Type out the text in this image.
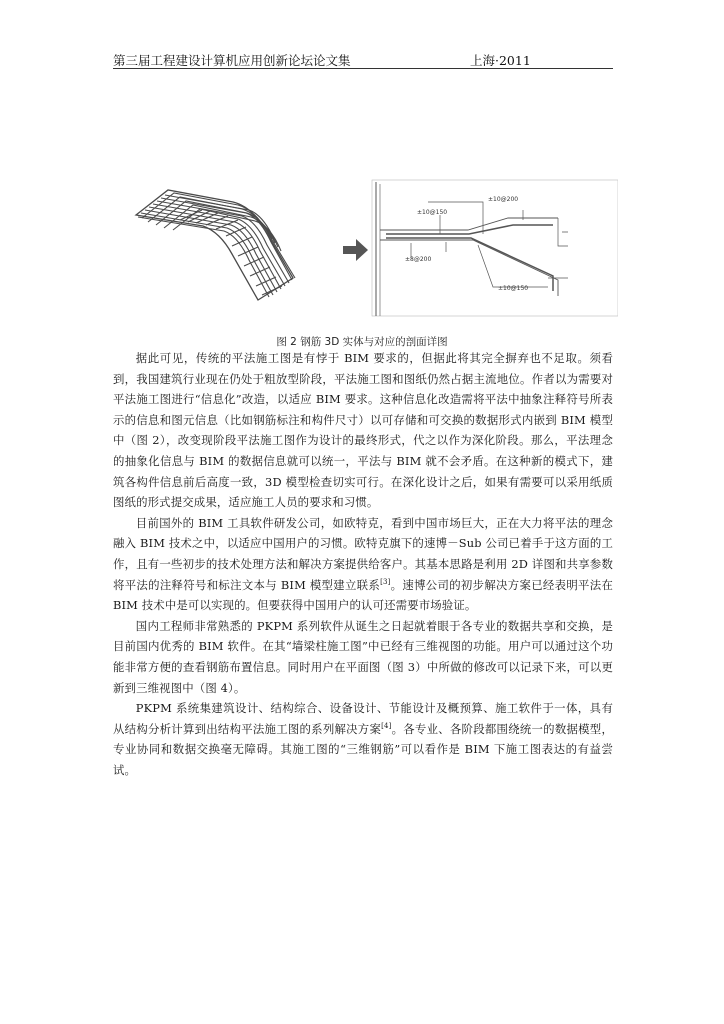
第三届工程建设计算机应用创新论坛论文集	上海·2011
±10@200
±10@150
±8@200
±10@150
图 2 钢筋 3D 实体与对应的剖面详图

据此可见，传统的平法施工图是有悖于 BIM 要求的，但据此将其完全摒弃也不足取。须看到，我国建筑行业现在仍处于粗放型阶段，平法施工图和图纸仍然占据主流地位。作者以为需要对平法施工图进行“信息化”改造，以适应 BIM 要求。这种信息化改造需将平法中抽象注释符号所表示的信息和图元信息（比如钢筋标注和构件尺寸）以可存储和可交换的数据形式内嵌到 BIM 模型中（图 2），改变现阶段平法施工图作为设计的最终形式，代之以作为深化阶段。那么，平法理念的抽象化信息与 BIM 的数据信息就可以统一，平法与 BIM 就不会矛盾。在这种新的模式下，建筑各构件信息前后高度一致，3D 模型检查切实可行。在深化设计之后，如果有需要可以采用纸质图纸的形式提交成果，适应施工人员的要求和习惯。

目前国外的 BIM 工具软件研发公司，如欧特克，看到中国市场巨大，正在大力将平法的理念融入 BIM 技术之中，以适应中国用户的习惯。欧特克旗下的速博－Sub 公司已着手于这方面的工作，且有一些初步的技术处理方法和解决方案提供给客户。其基本思路是利用 2D 详图和共享参数将平法的注释符号和标注文本与 BIM 模型建立联系[3]。速博公司的初步解决方案已经表明平法在 BIM 技术中是可以实现的。但要获得中国用户的认可还需要市场验证。

国内工程师非常熟悉的 PKPM 系列软件从诞生之日起就着眼于各专业的数据共享和交换，是目前国内优秀的 BIM 软件。在其“墙梁柱施工图”中已经有三维视图的功能。用户可以通过这个功能非常方便的查看钢筋布置信息。同时用户在平面图（图 3）中所做的修改可以记录下来，可以更新到三维视图中（图 4）。

PKPM 系统集建筑设计、结构综合、设备设计、节能设计及概预算、施工软件于一体，具有从结构分析计算到出结构平法施工图的系列解决方案[4]。各专业、各阶段都围绕统一的数据模型，专业协同和数据交换毫无障碍。其施工图的“三维钢筋”可以看作是 BIM 下施工图表达的有益尝试。
